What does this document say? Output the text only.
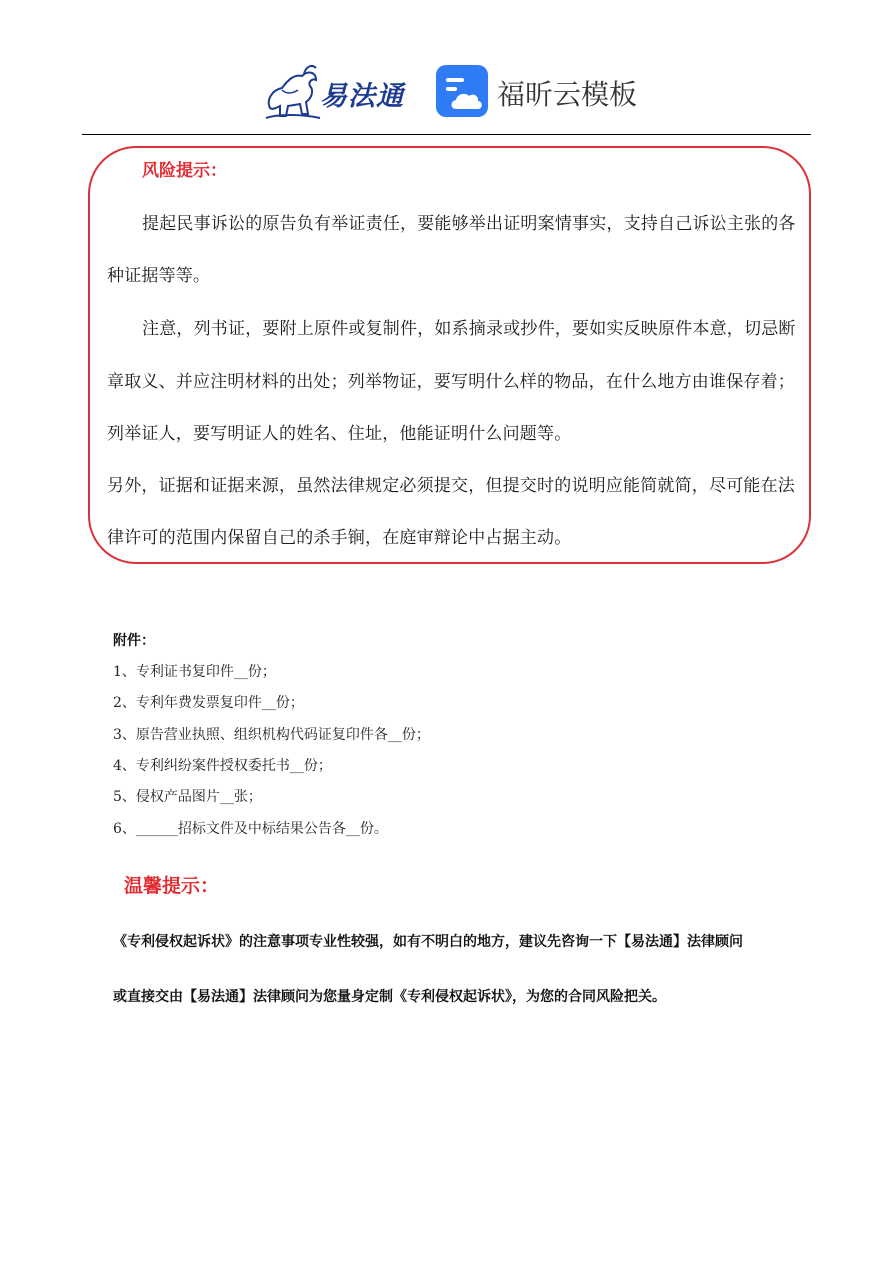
易法通	福昕云模板
风险提示：
提起民事诉讼的原告负有举证责任，要能够举出证明案情事实，支持自己诉讼主张的各
种证据等等。
注意，列书证，要附上原件或复制件，如系摘录或抄件，要如实反映原件本意，切忌断
章取义、并应注明材料的出处；列举物证，要写明什么样的物品，在什么地方由谁保存着；
列举证人，要写明证人的姓名、住址，他能证明什么问题等。
另外，证据和证据来源，虽然法律规定必须提交，但提交时的说明应能简就简，尽可能在法
律许可的范围内保留自己的杀手锏，在庭审辩论中占据主动。
附件：
1、专利证书复印件__份；
2、专利年费发票复印件__份；
3、原告营业执照、组织机构代码证复印件各__份；
4、专利纠纷案件授权委托书__份；
5、侵权产品图片__张；
6、______招标文件及中标结果公告各__份。
温馨提示：
《专利侵权起诉状》的注意事项专业性较强，如有不明白的地方，建议先咨询一下【易法通】法律顾问
或直接交由【易法通】法律顾问为您量身定制《专利侵权起诉状》，为您的合同风险把关。
